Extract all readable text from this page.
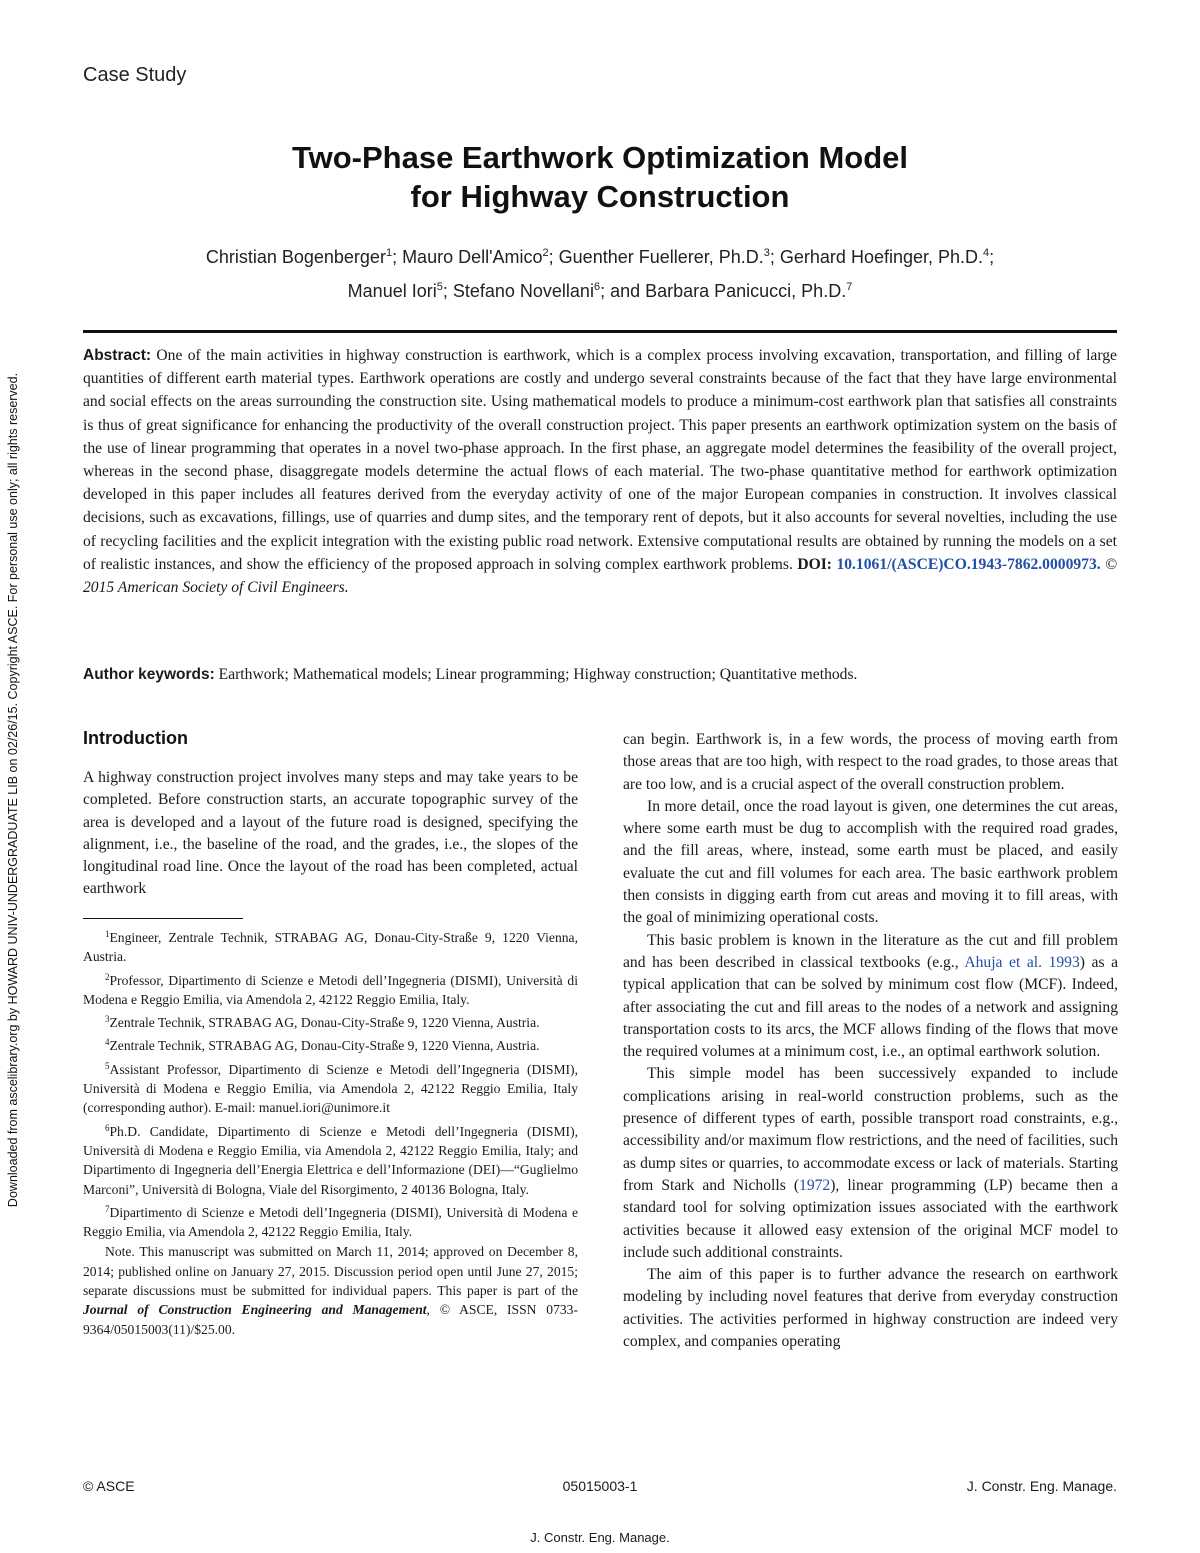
Downloaded from ascelibrary.org by HOWARD UNIV-UNDERGRADUATE LIB on 02/26/15. Copyright ASCE. For personal use only; all rights reserved.
Case Study
Two-Phase Earthwork Optimization Model
for Highway Construction
Christian Bogenberger$^1$; Mauro Dell'Amico$^2$; Guenther Fuellerer, Ph.D.$^3$; Gerhard Hoefinger, Ph.D.$^4$;
Manuel Iori$^5$; Stefano Novellani$^6$; and Barbara Panicucci, Ph.D.$^7$
Abstract: One of the main activities in highway construction is earthwork, which is a complex process involving excavation, transportation, and filling of large quantities of different earth material types. Earthwork operations are costly and undergo several constraints because of the fact that they have large environmental and social effects on the areas surrounding the construction site. Using mathematical models to produce a minimum-cost earthwork plan that satisfies all constraints is thus of great significance for enhancing the productivity of the overall construction project. This paper presents an earthwork optimization system on the basis of the use of linear programming that operates in a novel two-phase approach. In the first phase, an aggregate model determines the feasibility of the overall project, whereas in the second phase, disaggregate models determine the actual flows of each material. The two-phase quantitative method for earthwork optimization developed in this paper includes all features derived from the everyday activity of one of the major European companies in construction. It involves classical decisions, such as excavations, fillings, use of quarries and dump sites, and the temporary rent of depots, but it also accounts for several novelties, including the use of recycling facilities and the explicit integration with the existing public road network. Extensive computational results are obtained by running the models on a set of realistic instances, and show the efficiency of the proposed approach in solving complex earthwork problems. DOI: 10.1061/(ASCE)CO.1943-7862.0000973. © 2015 American Society of Civil Engineers.
Author keywords: Earthwork; Mathematical models; Linear programming; Highway construction; Quantitative methods.
Introduction

A highway construction project involves many steps and may take years to be completed. Before construction starts, an accurate topographic survey of the area is developed and a layout of the future road is designed, specifying the alignment, i.e., the baseline of the road, and the grades, i.e., the slopes of the longitudinal road line. Once the layout of the road has been completed, actual earthwork

$^1$Engineer, Zentrale Technik, STRABAG AG, Donau-City-Straße 9, 1220 Vienna, Austria.

$^2$Professor, Dipartimento di Scienze e Metodi dell’Ingegneria (DISMI), Università di Modena e Reggio Emilia, via Amendola 2, 42122 Reggio Emilia, Italy.

$^3$Zentrale Technik, STRABAG AG, Donau-City-Straße 9, 1220 Vienna, Austria.

$^4$Zentrale Technik, STRABAG AG, Donau-City-Straße 9, 1220 Vienna, Austria.

$^5$Assistant Professor, Dipartimento di Scienze e Metodi dell’Ingegneria (DISMI), Università di Modena e Reggio Emilia, via Amendola 2, 42122 Reggio Emilia, Italy (corresponding author). E-mail: manuel.iori@unimore.it

$^6$Ph.D. Candidate, Dipartimento di Scienze e Metodi dell’Ingegneria (DISMI), Università di Modena e Reggio Emilia, via Amendola 2, 42122 Reggio Emilia, Italy; and Dipartimento di Ingegneria dell’Energia Elettrica e dell’Informazione (DEI)—“Guglielmo Marconi”, Università di Bologna, Viale del Risorgimento, 2 40136 Bologna, Italy.

$^7$Dipartimento di Scienze e Metodi dell’Ingegneria (DISMI), Università di Modena e Reggio Emilia, via Amendola 2, 42122 Reggio Emilia, Italy.

Note. This manuscript was submitted on March 11, 2014; approved on December 8, 2014; published online on January 27, 2015. Discussion period open until June 27, 2015; separate discussions must be submitted for individual papers. This paper is part of the Journal of Construction Engineering and Management, © ASCE, ISSN 0733-9364/05015003(11)/$25.00.

can begin. Earthwork is, in a few words, the process of moving earth from those areas that are too high, with respect to the road grades, to those areas that are too low, and is a crucial aspect of the overall construction problem.

In more detail, once the road layout is given, one determines the cut areas, where some earth must be dug to accomplish with the required road grades, and the fill areas, where, instead, some earth must be placed, and easily evaluate the cut and fill volumes for each area. The basic earthwork problem then consists in digging earth from cut areas and moving it to fill areas, with the goal of minimizing operational costs.

This basic problem is known in the literature as the cut and fill problem and has been described in classical textbooks (e.g., Ahuja et al. 1993) as a typical application that can be solved by minimum cost flow (MCF). Indeed, after associating the cut and fill areas to the nodes of a network and assigning transportation costs to its arcs, the MCF allows finding of the flows that move the required volumes at a minimum cost, i.e., an optimal earthwork solution.

This simple model has been successively expanded to include complications arising in real-world construction problems, such as the presence of different types of earth, possible transport road constraints, e.g., accessibility and/or maximum flow restrictions, and the need of facilities, such as dump sites or quarries, to accommodate excess or lack of materials. Starting from Stark and Nicholls (1972), linear programming (LP) became then a standard tool for solving optimization issues associated with the earthwork activities because it allowed easy extension of the original MCF model to include such additional constraints.

The aim of this paper is to further advance the research on earthwork modeling by including novel features that derive from everyday construction activities. The activities performed in highway construction are indeed very complex, and companies operating

© ASCE	05015003-1	J. Constr. Eng. Manage.
J. Constr. Eng. Manage.
